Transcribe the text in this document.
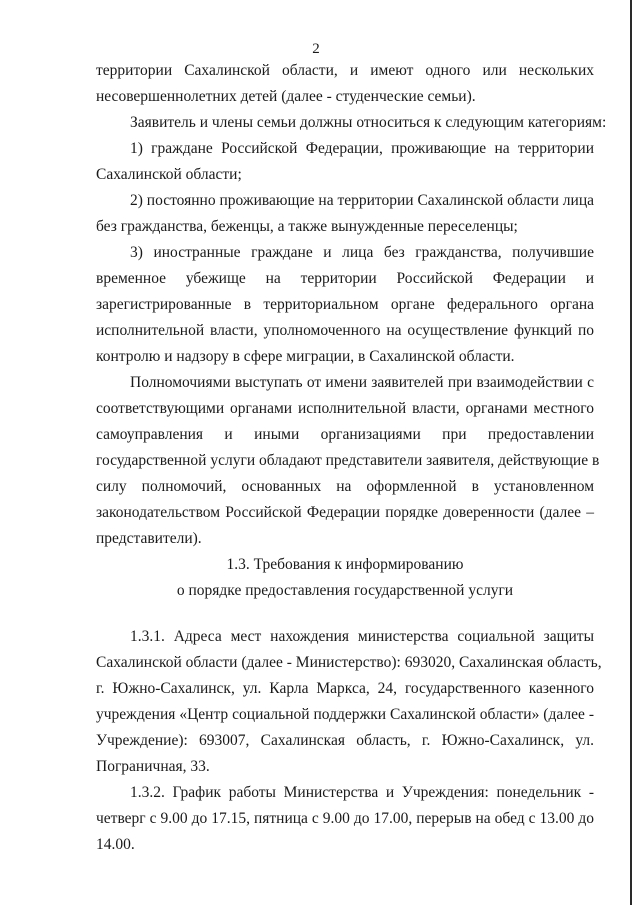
2
территории Сахалинской области, и имеют одного или нескольких
несовершеннолетних детей (далее - студенческие семьи).
Заявитель и члены семьи должны относиться к следующим категориям:
1) граждане Российской Федерации, проживающие на территории
Сахалинской области;
2) постоянно проживающие на территории Сахалинской области лица
без гражданства, беженцы, а также вынужденные переселенцы;
3) иностранные граждане и лица без гражданства, получившие
временное убежище на территории Российской Федерации и
зарегистрированные в территориальном органе федерального органа
исполнительной власти, уполномоченного на осуществление функций по
контролю и надзору в сфере миграции, в Сахалинской области.
Полномочиями выступать от имени заявителей при взаимодействии с
соответствующими органами исполнительной власти, органами местного
самоуправления и иными организациями при предоставлении
государственной услуги обладают представители заявителя, действующие в
силу полномочий, основанных на оформленной в установленном
законодательством Российской Федерации порядке доверенности (далее –
представители).
1.3. Требования к информированию
о порядке предоставления государственной услуги
1.3.1. Адреса мест нахождения министерства социальной защиты
Сахалинской области (далее - Министерство): 693020, Сахалинская область,
г. Южно-Сахалинск, ул. Карла Маркса, 24, государственного казенного
учреждения «Центр социальной поддержки Сахалинской области» (далее -
Учреждение): 693007, Сахалинская область, г. Южно-Сахалинск, ул.
Пограничная, 33.
1.3.2. График работы Министерства и Учреждения: понедельник -
четверг с 9.00 до 17.15, пятница с 9.00 до 17.00, перерыв на обед с 13.00 до
14.00.
